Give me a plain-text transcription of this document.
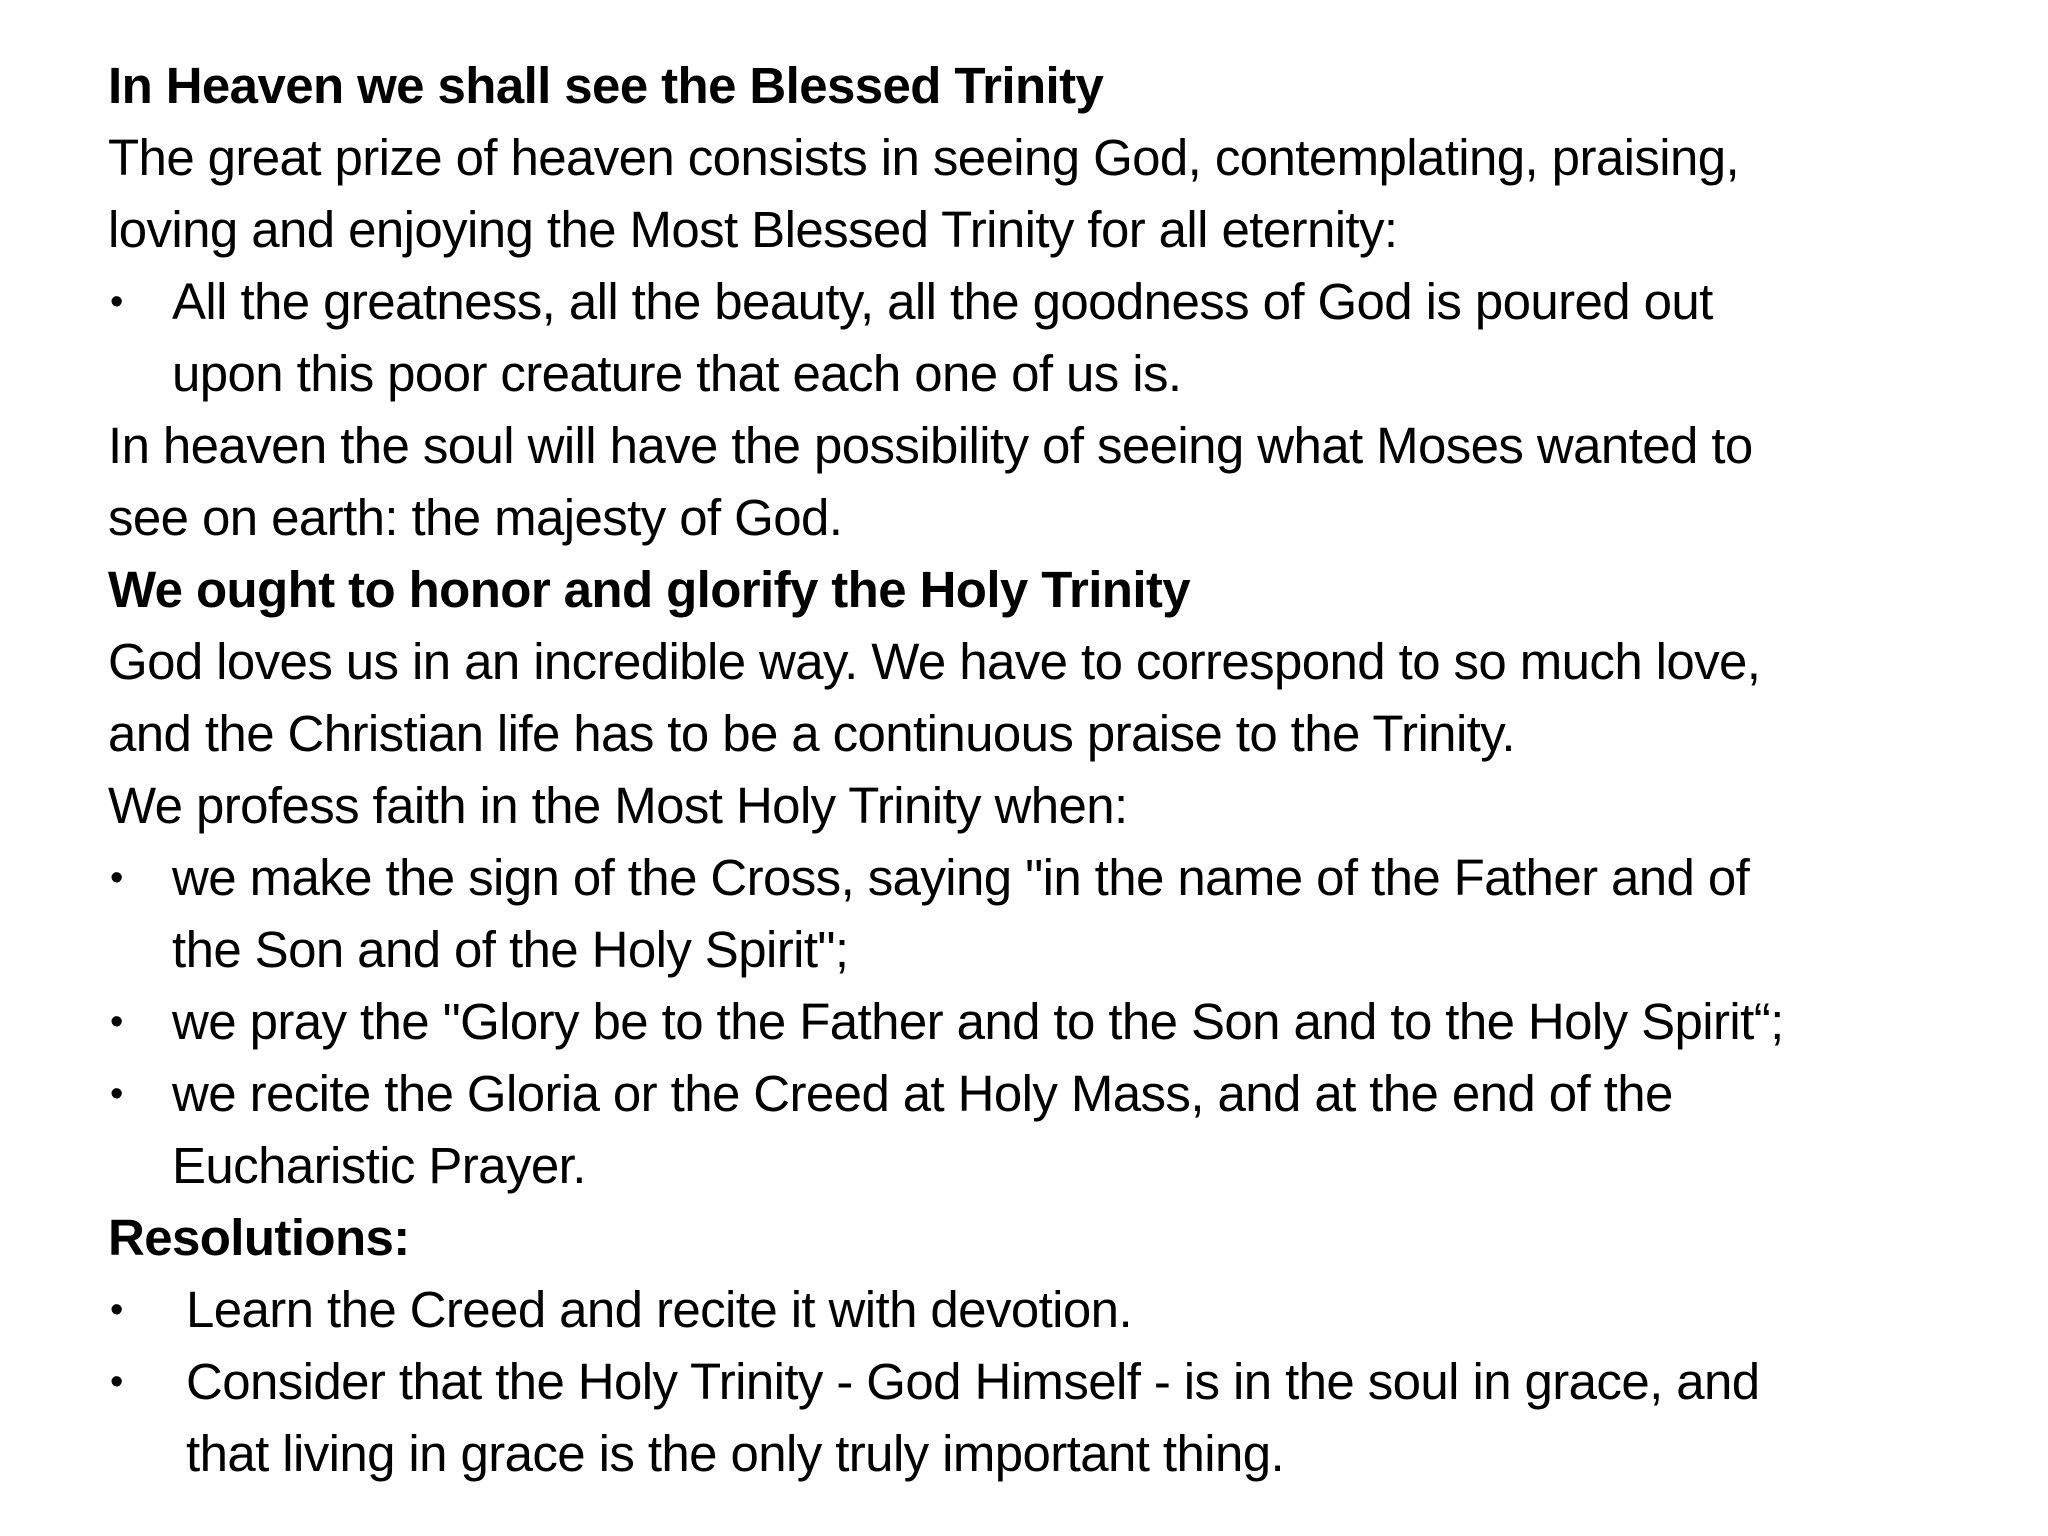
In Heaven we shall see the Blessed Trinity

The great prize of heaven consists in seeing God, contemplating, praising,

loving and enjoying the Most Blessed Trinity for all eternity:

• All the greatness, all the beauty, all the goodness of God is poured out
upon this poor creature that each one of us is.

In heaven the soul will have the possibility of seeing what Moses wanted to

see on earth: the majesty of God.

We ought to honor and glorify the Holy Trinity

God loves us in an incredible way. We have to correspond to so much love,

and the Christian life has to be a continuous praise to the Trinity.

We profess faith in the Most Holy Trinity when:

• we make the sign of the Cross, saying "in the name of the Father and of
the Son and of the Holy Spirit";
• we pray the "Glory be to the Father and to the Son and to the Holy Spirit“;
• we recite the Gloria or the Creed at Holy Mass, and at the end of the
Eucharistic Prayer.

Resolutions:

• Learn the Creed and recite it with devotion.
• Consider that the Holy Trinity - God Himself - is in the soul in grace, and
that living in grace is the only truly important thing.
